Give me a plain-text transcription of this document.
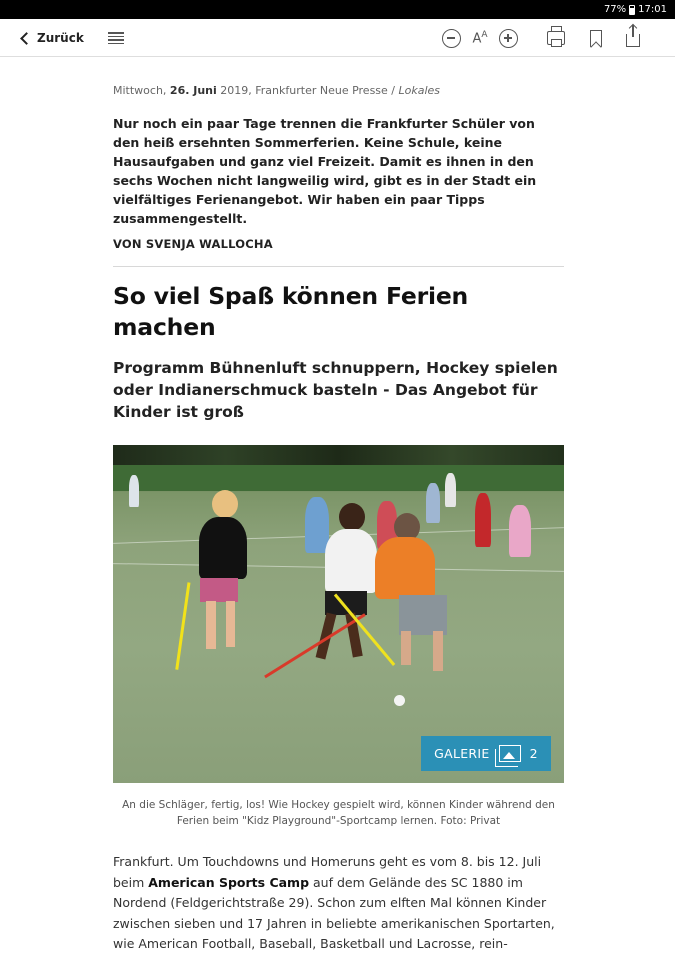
77% 17:01
Zurück	$A^A$
Mittwoch, 26. Juni 2019, Frankfurter Neue Presse / Lokales

Nur noch ein paar Tage trennen die Frankfurter Schüler von den heiß ersehnten Sommerferien. Keine Schule, keine Hausaufgaben und ganz viel Freizeit. Damit es ihnen in den sechs Wochen nicht langweilig wird, gibt es in der Stadt ein vielfältiges Ferienangebot. Wir haben ein paar Tipps zusammengestellt.

VON SVENJA WALLOCHA

So viel Spaß können Ferien machen
Programm Bühnenluft schnuppern, Hockey spielen oder Indianerschmuck basteln - Das Angebot für Kinder ist groß
GALERIE	2

An die Schläger, fertig, los! Wie Hockey gespielt wird, können Kinder während den Ferien beim "Kidz Playground"-Sportcamp lernen. Foto: Privat

Frankfurt. Um Touchdowns und Homeruns geht es vom 8. bis 12. Juli beim American Sports Camp auf dem Gelände des SC 1880 im Nordend (Feldgerichtstraße 29). Schon zum elften Mal können Kinder zwischen sieben und 17 Jahren in beliebte amerikanischen Sportarten, wie American Football, Baseball, Basketball und Lacrosse, rein-
